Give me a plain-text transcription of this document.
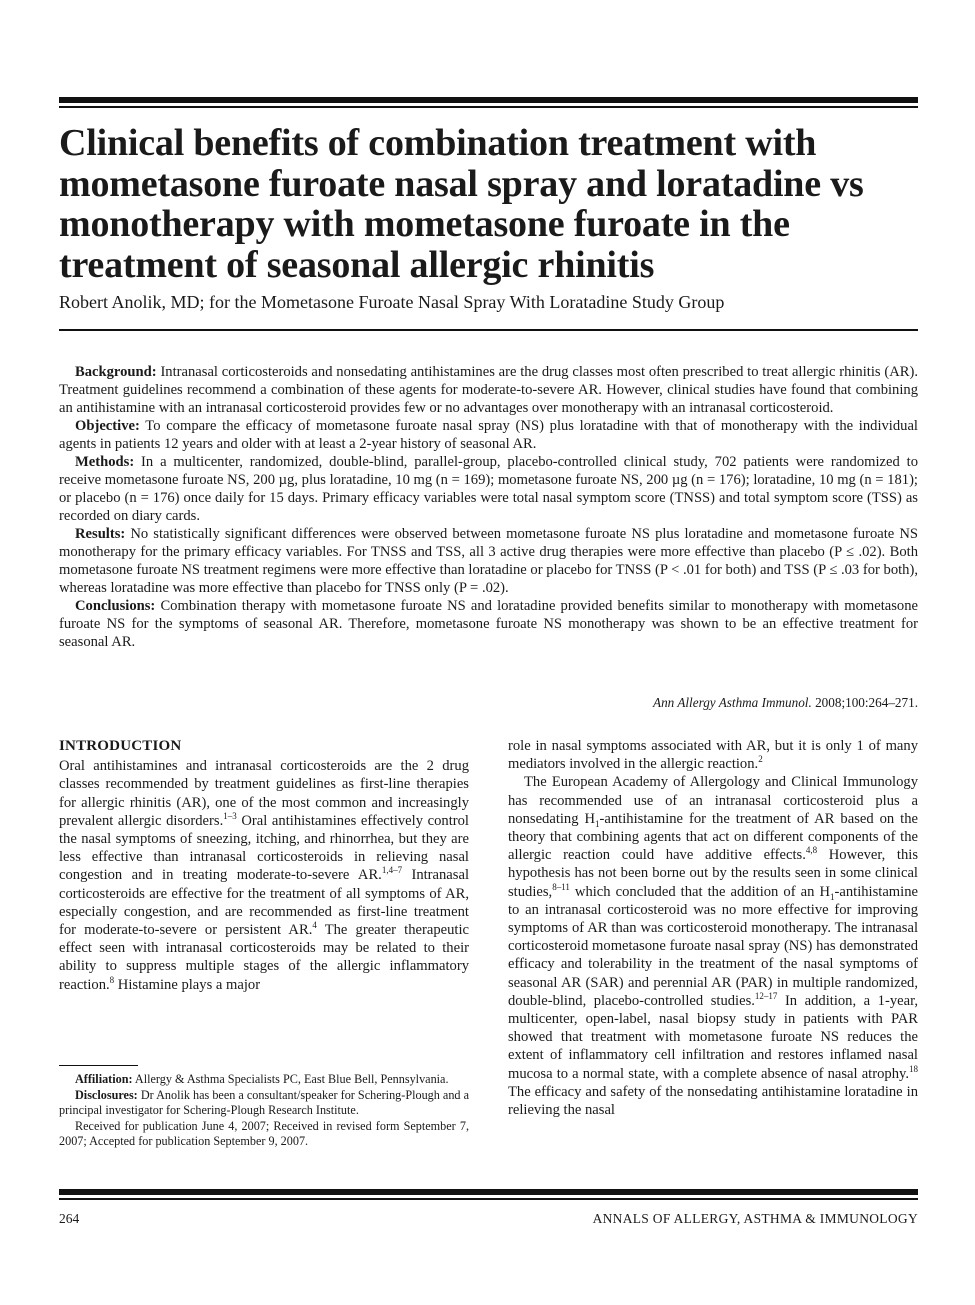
Clinical benefits of combination treatment with mometasone furoate nasal spray and loratadine vs monotherapy with mometasone furoate in the treatment of seasonal allergic rhinitis
Robert Anolik, MD; for the Mometasone Furoate Nasal Spray With Loratadine Study Group

Background: Intranasal corticosteroids and nonsedating antihistamines are the drug classes most often prescribed to treat allergic rhinitis (AR). Treatment guidelines recommend a combination of these agents for moderate-to-severe AR. However, clinical studies have found that combining an antihistamine with an intranasal corticosteroid provides few or no advantages over monotherapy with an intranasal corticosteroid.

Objective: To compare the efficacy of mometasone furoate nasal spray (NS) plus loratadine with that of monotherapy with the individual agents in patients 12 years and older with at least a 2-year history of seasonal AR.

Methods: In a multicenter, randomized, double-blind, parallel-group, placebo-controlled clinical study, 702 patients were randomized to receive mometasone furoate NS, 200 µg, plus loratadine, 10 mg (n = 169); mometasone furoate NS, 200 µg (n = 176); loratadine, 10 mg (n = 181); or placebo (n = 176) once daily for 15 days. Primary efficacy variables were total nasal symptom score (TNSS) and total symptom score (TSS) as recorded on diary cards.

Results: No statistically significant differences were observed between mometasone furoate NS plus loratadine and mometasone furoate NS monotherapy for the primary efficacy variables. For TNSS and TSS, all 3 active drug therapies were more effective than placebo (P ≤ .02). Both mometasone furoate NS treatment regimens were more effective than loratadine or placebo for TNSS (P < .01 for both) and TSS (P ≤ .03 for both), whereas loratadine was more effective than placebo for TNSS only (P = .02).

Conclusions: Combination therapy with mometasone furoate NS and loratadine provided benefits similar to monotherapy with mometasone furoate NS for the symptoms of seasonal AR. Therefore, mometasone furoate NS monotherapy was shown to be an effective treatment for seasonal AR.

Ann Allergy Asthma Immunol. 2008;100:264–271.
INTRODUCTION

Oral antihistamines and intranasal corticosteroids are the 2 drug classes recommended by treatment guidelines as first-line therapies for allergic rhinitis (AR), one of the most common and increasingly prevalent allergic disorders.$^{1-3}$ Oral antihistamines effectively control the nasal symptoms of sneezing, itching, and rhinorrhea, but they are less effective than intranasal corticosteroids in relieving nasal congestion and in treating moderate-to-severe AR.$^{1,4-7}$ Intranasal corticosteroids are effective for the treatment of all symptoms of AR, especially congestion, and are recommended as first-line treatment for moderate-to-severe or persistent AR.$^4$ The greater therapeutic effect seen with intranasal corticosteroids may be related to their ability to suppress multiple stages of the allergic inflammatory reaction.$^8$ Histamine plays a major

Affiliation: Allergy & Asthma Specialists PC, East Blue Bell, Pennsylvania.

Disclosures: Dr Anolik has been a consultant/speaker for Schering-Plough and a principal investigator for Schering-Plough Research Institute.

Received for publication June 4, 2007; Received in revised form September 7, 2007; Accepted for publication September 9, 2007.

role in nasal symptoms associated with AR, but it is only 1 of many mediators involved in the allergic reaction.$^2$

The European Academy of Allergology and Clinical Immunology has recommended use of an intranasal corticosteroid plus a nonsedating $H_1$-antihistamine for the treatment of AR based on the theory that combining agents that act on different components of the allergic reaction could have additive effects.$^{4,8}$ However, this hypothesis has not been borne out by the results seen in some clinical studies,$^{8-11}$ which concluded that the addition of an $H_1$-antihistamine to an intranasal corticosteroid was no more effective for improving symptoms of AR than was corticosteroid monotherapy. The intranasal corticosteroid mometasone furoate nasal spray (NS) has demonstrated efficacy and tolerability in the treatment of the nasal symptoms of seasonal AR (SAR) and perennial AR (PAR) in multiple randomized, double-blind, placebo-controlled studies.$^{12-17}$ In addition, a 1-year, multicenter, open-label, nasal biopsy study in patients with PAR showed that treatment with mometasone furoate NS reduces the extent of inflammatory cell infiltration and restores inflamed nasal mucosa to a normal state, with a complete absence of nasal atrophy.$^{18}$ The efficacy and safety of the nonsedating antihistamine loratadine in relieving the nasal

264	ANNALS OF ALLERGY, ASTHMA & IMMUNOLOGY
